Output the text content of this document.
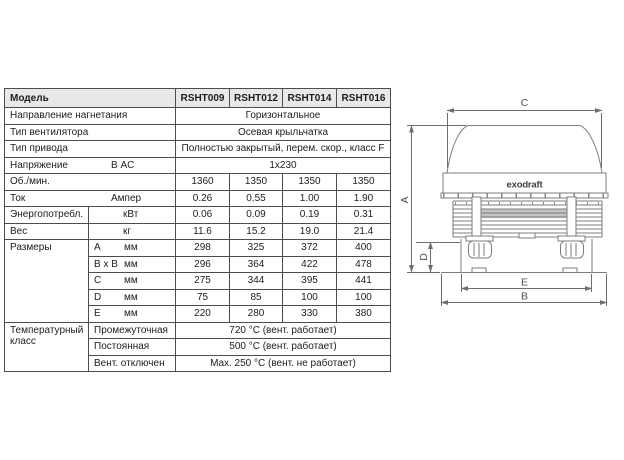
Модель		RSHT009	RSHT012	RSHT014	RSHT016
Направление нагнетания		Горизонтальное			
Тип вентилятора		Осевая крыльчатка			
Тип привода		Полностью закрытый, перем. скор., класс F			
Напряжение В AC		1x230			
Об./мин.		1360	1350	1350	1350
Ток Ампер		0.26	0.55	1.00	1.90
Энергопотребл.	кВт	0.06	0.09	0.19	0.31
Вес	кг	11.6	15.2	19.0	21.4
Размеры	A мм	298	325	372	400
	B x B мм	296	364	422	478
	C мм	275	344	395	441
	D мм	75	85	100	100
	E мм	220	280	330	380
Температурный класс	Промежуточная	720 °C (вент. работает)			
	Постоянная	500 °C (вент. работает)			
	Вент. отключен	Max. 250 °C (вент. не работает)			
C
A
D
E
B
exodraft
